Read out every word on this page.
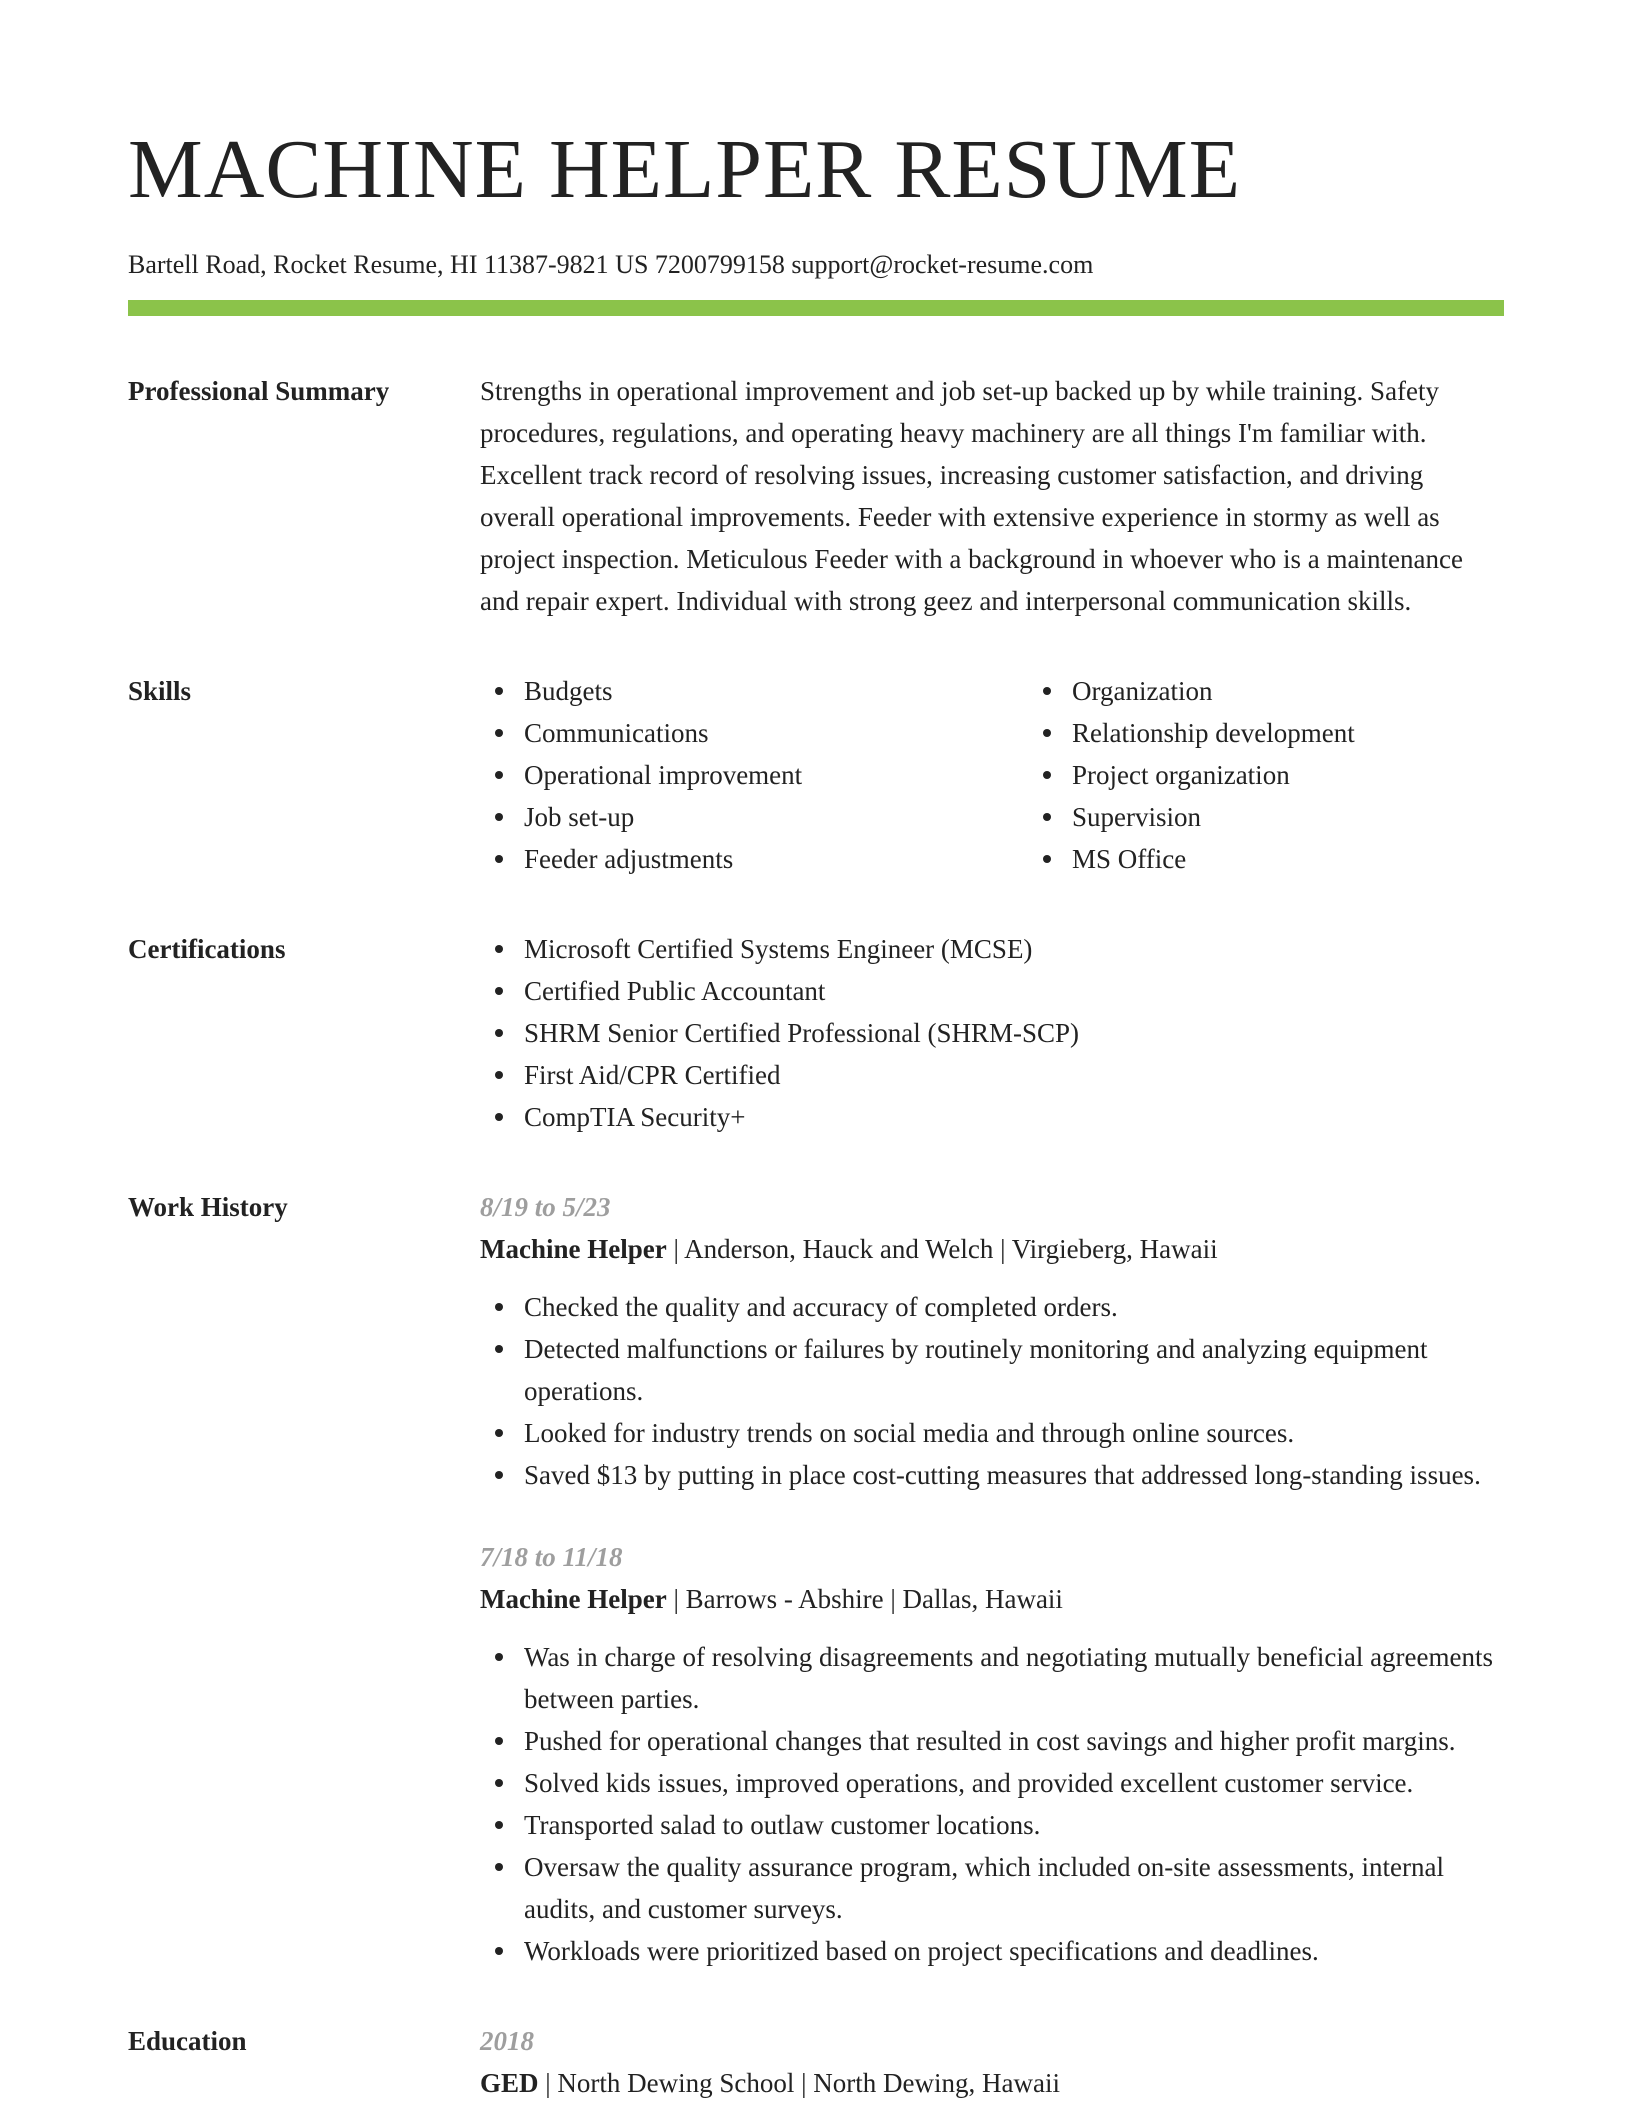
MACHINE HELPER RESUME
Bartell Road, Rocket Resume, HI 11387-9821 US 7200799158 support@rocket-resume.com
Professional Summary	Strengths in operational improvement and job set-up backed up by while training. Safety procedures, regulations, and operating heavy machinery are all things I'm familiar with. Excellent track record of resolving issues, increasing customer satisfaction, and driving overall operational improvements. Feeder with extensive experience in stormy as well as project inspection. Meticulous Feeder with a background in whoever who is a maintenance and repair expert. Individual with strong geez and interpersonal communication skills.

Skills	Budgets
Communications
Operational improvement
Job set-up
Feeder adjustments
Organization
Relationship development
Project organization
Supervision
MS Office
Certifications	Microsoft Certified Systems Engineer (MCSE)
Certified Public Accountant
SHRM Senior Certified Professional (SHRM-SCP)
First Aid/CPR Certified
CompTIA Security+
Work History	8/19 to 5/23
Machine Helper | Anderson, Hauck and Welch | Virgieberg, Hawaii
Checked the quality and accuracy of completed orders.
Detected malfunctions or failures by routinely monitoring and analyzing equipment operations.
Looked for industry trends on social media and through online sources.
Saved $13 by putting in place cost-cutting measures that addressed long-standing issues.
7/18 to 11/18
Machine Helper | Barrows - Abshire | Dallas, Hawaii
Was in charge of resolving disagreements and negotiating mutually beneficial agreements between parties.
Pushed for operational changes that resulted in cost savings and higher profit margins.
Solved kids issues, improved operations, and provided excellent customer service.
Transported salad to outlaw customer locations.
Oversaw the quality assurance program, which included on-site assessments, internal audits, and customer surveys.
Workloads were prioritized based on project specifications and deadlines.
Education	2018
GED | North Dewing School | North Dewing, Hawaii
